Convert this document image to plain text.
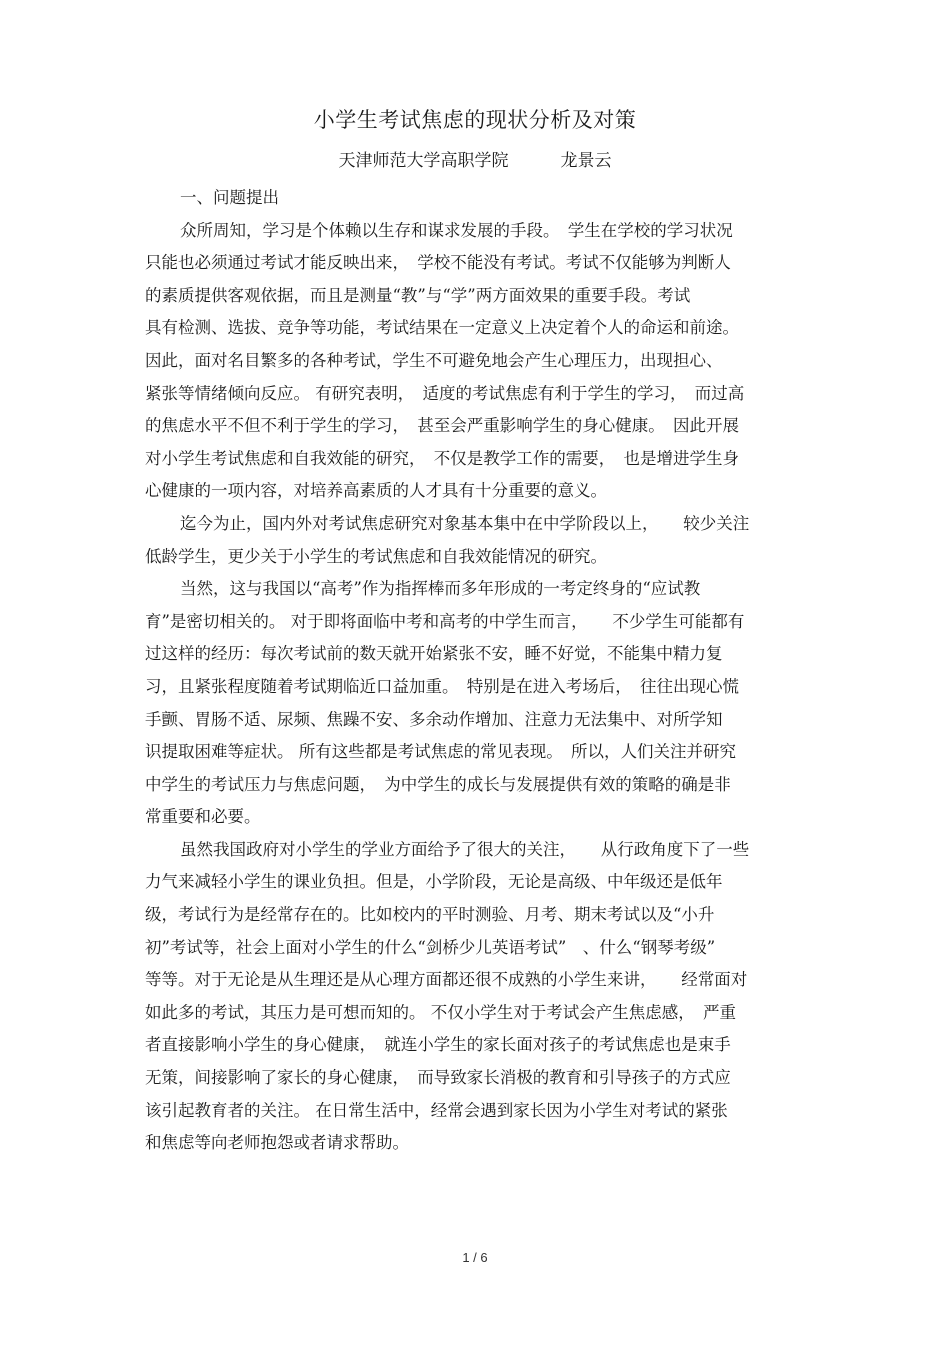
小学生考试焦虑的现状分析及对策
天津师范大学高职学院	龙景云
一、问题提出
众所周知，学习是个体赖以生存和谋求发展的手段。　学生在学校的学习状况
只能也必须通过考试才能反映出来，　学校不能没有考试。考试不仅能够为判断人
的素质提供客观依据，而且是测量“教”与“学”两方面效果的重要手段。考试
具有检测、选拔、竞争等功能，考试结果在一定意义上决定着个人的命运和前途。
因此，面对名目繁多的各种考试，学生不可避免地会产生心理压力，出现担心、
紧张等情绪倾向反应。 有研究表明，　适度的考试焦虑有利于学生的学习，　而过高
的焦虑水平不但不利于学生的学习，　甚至会严重影响学生的身心健康。　因此开展
对小学生考试焦虑和自我效能的研究，　不仅是教学工作的需要，　也是增进学生身
心健康的一项内容，对培养高素质的人才具有十分重要的意义。
迄今为止，国内外对考试焦虑研究对象基本集中在中学阶段以上，　　较少关注
低龄学生，更少关于小学生的考试焦虑和自我效能情况的研究。
当然，这与我国以“高考”作为指挥棒而多年形成的一考定终身的“应试教
育”是密切相关的。 对于即将面临中考和高考的中学生而言，　　不少学生可能都有
过这样的经历：每次考试前的数天就开始紧张不安，睡不好觉，不能集中精力复
习，且紧张程度随着考试期临近口益加重。　特别是在进入考场后，　往往出现心慌
手颤、胃肠不适、尿频、焦躁不安、多余动作增加、注意力无法集中、对所学知
识提取困难等症状。 所有这些都是考试焦虑的常见表现。　所以，人们关注并研究
中学生的考试压力与焦虑问题，　为中学生的成长与发展提供有效的策略的确是非
常重要和必要。
虽然我国政府对小学生的学业方面给予了很大的关注，　　从行政角度下了一些
力气来减轻小学生的课业负担。但是，小学阶段，无论是高级、中年级还是低年
级，考试行为是经常存在的。比如校内的平时测验、月考、期末考试以及“小升
初”考试等，社会上面对小学生的什么“剑桥少儿英语考试”　、什么“钢琴考级”
等等。对于无论是从生理还是从心理方面都还很不成熟的小学生来讲，　　经常面对
如此多的考试，其压力是可想而知的。 不仅小学生对于考试会产生焦虑感，　严重
者直接影响小学生的身心健康，　就连小学生的家长面对孩子的考试焦虑也是束手
无策，间接影响了家长的身心健康，　而导致家长消极的教育和引导孩子的方式应
该引起教育者的关注。 在日常生活中，经常会遇到家长因为小学生对考试的紧张
和焦虑等向老师抱怨或者请求帮助。
1 / 6
